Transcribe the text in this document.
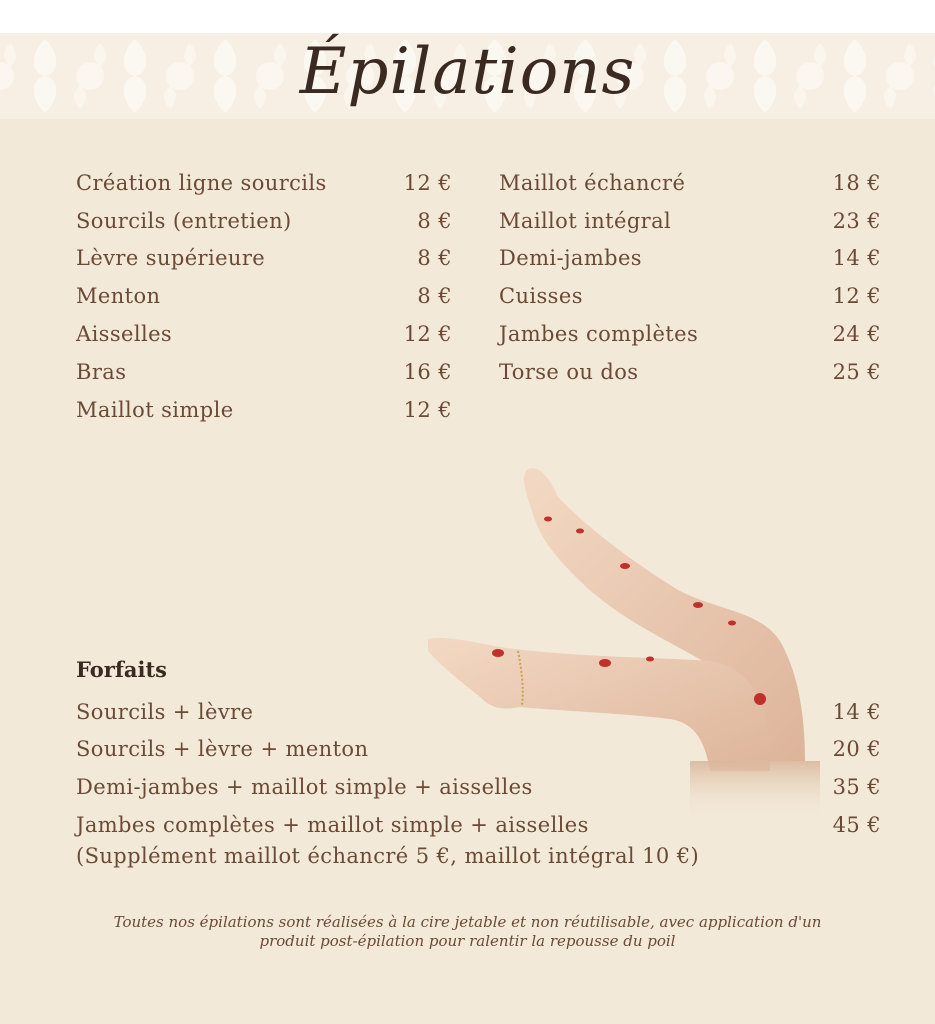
Épilations
Création ligne sourcils	12 €
Sourcils (entretien)	8 €
Lèvre supérieure	8 €
Menton	8 €
Aisselles	12 €
Bras	16 €
Maillot simple	12 €
Maillot échancré	18 €
Maillot intégral	23 €
Demi-jambes	14 €
Cuisses	12 €
Jambes complètes	24 €
Torse ou dos	25 €
Forfaits
Sourcils + lèvre	14 €
Sourcils + lèvre + menton	20 €
Demi-jambes + maillot simple + aisselles	35 €
Jambes complètes + maillot simple + aisselles	45 €
(Supplément maillot échancré 5 €, maillot intégral 10 €)
Toutes nos épilations sont réalisées à la cire jetable et non réutilisable, avec application d'un produit post-épilation pour ralentir la repousse du poil
